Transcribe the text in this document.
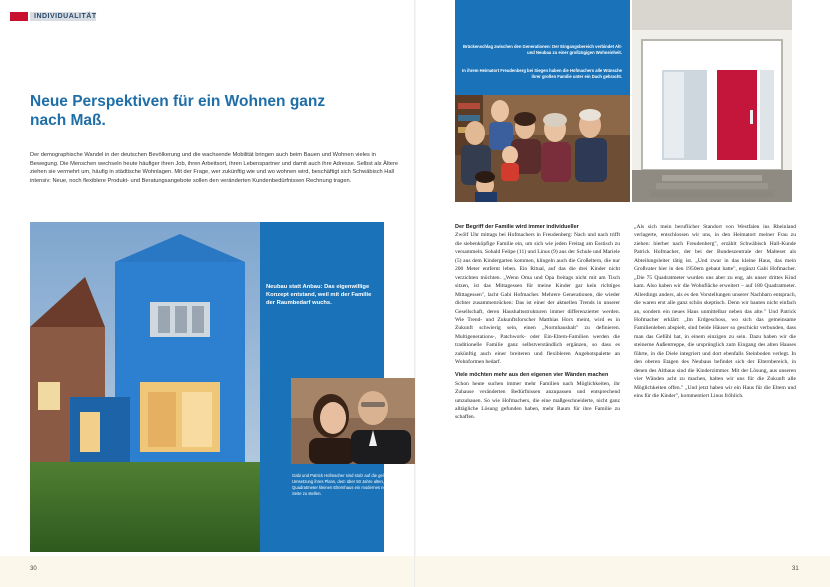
INDIVIDUALITÄT
Neue Perspektiven für ein Wohnen ganz nach Maß.
Der demographische Wandel in der deutschen Bevölkerung und die wachsende Mobilität bringen auch beim Bauen und Wohnen vieles in Bewegung. Die Menschen wechseln heute häufiger ihren Job, ihren Arbeitsort, ihren Lebenspartner und damit auch ihre Adresse. Selbst als Ältere ziehen sie vermehrt um, häufig in städtische Wohnlagen. Mit der Frage, wer zukünftig wie und wo wohnen wird, beschäftigt sich Schwäbisch Hall intensiv: Neue, noch flexiblere Produkt- und Beratungsangebote sollen den veränderten Kundenbedürfnissen Rechnung tragen.
Neubau statt Anbau: Das eigenwillige Konzept entstand, weil mit der Familie der Raumbedarf wuchs.
Gabi und Patrick Hofmacher sind stolz auf die gelungene Umsetzung ihres Plans, dem über 50 Jahre alten, 75 Quadratmeter kleinen Elternhaus ein modernes neues zur Seite zu stellen.
Brückenschlag zwischen den Generationen: Der Eingangsbereich verbindet Alt- und Neubau zu einer großzügigen Wohneinheit.
In ihrem Heimatort Freudenberg bei Siegen haben die Hofmachers alle Wünsche ihrer großen Familie unter ein Dach gebracht.
Der Begriff der Familie wird immer individueller

Zwölf Uhr mittags bei Hofmachers in Freudenberg: Nach und nach trifft die siebenköpfige Familie ein, um sich wie jeden Freitag am Esstisch zu versammeln. Sohald Felipe (11) und Linus (9) aus der Schule und Mariele (5) aus dem Kindergarten kommen, klingeln auch die Großeltern, die nur 200 Meter entfernt leben. Ein Ritual, auf das die drei Kinder nicht verzichten möchten. „Wenn Oma und Opa freitags nicht mit am Tisch sitzen, ist das Mittagessen für meine Kinder gar kein richtiges Mittagessen", lacht Gabi Hofmacher. Mehrere Generationen, die wieder dichter zusammenrücken: Das ist einer der aktuellen Trends in unserer Gesellschaft, deren Haushaltsstrukturen immer differenzierter werden. Wie Trend- und Zukunftsforscher Matthias Horx meint, wird es in Zukunft schwierig sein, einen „Normhaushalt" zu definieren. Multigenerations-, Patchwork- oder Ein-Eltern-Familien werden die traditionelle Familie ganz selbstverständlich ergänzen, so dass es zukünftig auch einer breiteren und flexibleren Angebotspalette an Wohnformen bedarf.

Viele möchten mehr aus den eigenen vier Wänden machen

Schon heute suchen immer mehr Familien nach Möglichkeiten, ihr Zuhause veränderten Bedürfnissen anzupassen und entsprechend umzubauen. So wie Hofmachers, die eine maßgeschneiderte, nicht ganz alltägliche Lösung gefunden haben, mehr Raum für ihre Familie zu schaffen.

„Als sich mein beruflicher Standort von Westfalen ins Rheinland verlagerte, entschlossen wir uns, in den Heimatort meiner Frau zu ziehen: hierher nach Freudenberg", erzählt Schwäbisch Hall-Kunde Patrick Hofmacher, der bei der Bundeszentrale der Malteser als Abteilungsleiter tätig ist. „Und zwar in das kleine Haus, das mein Großvater hier in den 1950ern gebaut hatte", ergänzt Gabi Hofmacher. „Die 75 Quadratmeter wurden uns aber zu eng, als unser drittes Kind kam. Also haben wir die Wohnfläche erweitert – auf 180 Quadratmeter. Allerdings anders, als es den Vorstellungen unserer Nachbarn entsprach, die waren erst alle ganz schön skeptisch. Denn wir bauten nicht einfach an, sondern ein neues Haus unmittelbar neben das alte." Und Patrick Hofmacher erklärt: „Im Erdgeschoss, wo sich das gemeinsame Familienleben abspielt, sind beide Häuser so geschickt verbunden, dass man das Gefühl hat, in einem einzigen zu sein. Dazu haben wir die steinerne Außentreppe, die ursprünglich zum Eingang des alten Hauses führte, in die Diele integriert und dort ebenfalls Steinboden verlegt. In den oberen Etagen des Neubaus befindet sich der Elternbereich, in denen des Altbaus sind die Kinderzimmer. Mit der Lösung, aus unseren vier Wänden acht zu machen, halten wir uns für die Zukunft alle Möglichkeiten offen." „Und jetzt haben wir ein Haus für die Eltern und eins für die Kinder", kommentiert Linus fröhlich.

30	31
